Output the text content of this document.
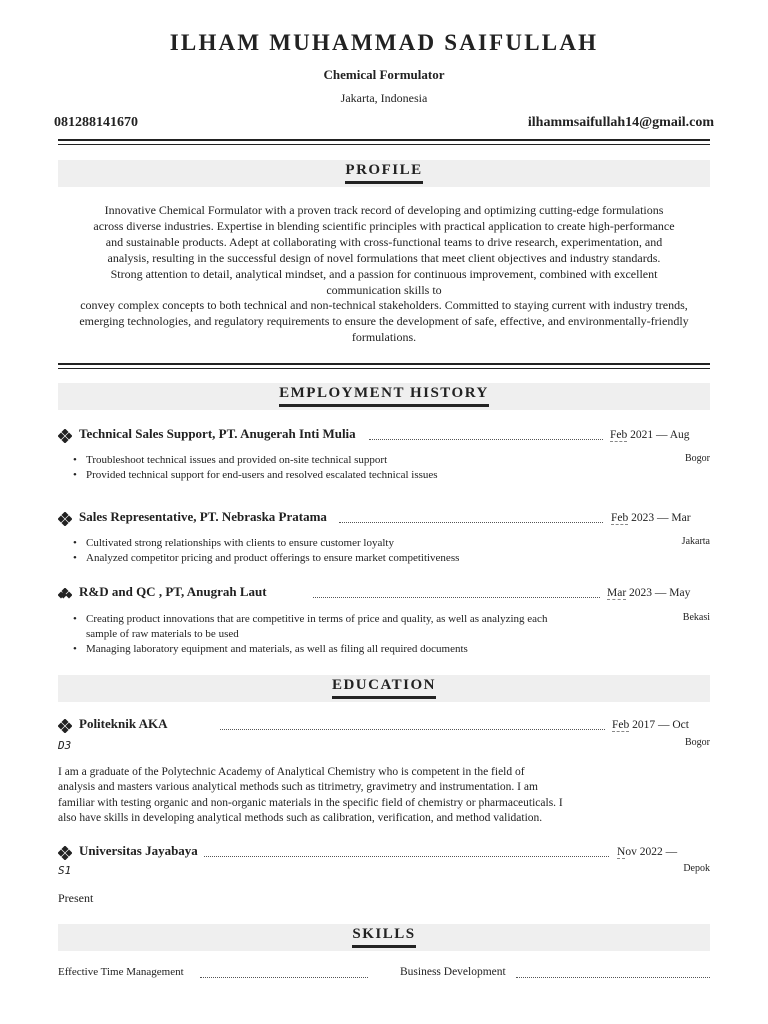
ILHAM MUHAMMAD SAIFULLAH
Chemical Formulator
Jakarta, Indonesia
081288141670	ilhammsaifullah14@gmail.com
PROFILE

Innovative Chemical Formulator with a proven track record of developing and optimizing cutting-edge formulations

across diverse industries. Expertise in blending scientific principles with practical application to create high-performance

and sustainable products. Adept at collaborating with cross-functional teams to drive research, experimentation, and

analysis, resulting in the successful design of novel formulations that meet client objectives and industry standards.

Strong attention to detail, analytical mindset, and a passion for continuous improvement, combined with excellent

communication skills to

convey complex concepts to both technical and non-technical stakeholders. Committed to staying current with industry trends,

emerging technologies, and regulatory requirements to ensure the development of safe, effective, and environmentally-friendly

formulations.

EMPLOYMENT HISTORY
Technical Sales Support, PT. Anugerah Inti Mulia	Feb 2021 — Aug
Bogor
• Troubleshoot technical issues and provided on-site technical support
• Provided technical support for end-users and resolved escalated technical issues
Sales Representative, PT. Nebraska Pratama	Feb 2023 — Mar
Jakarta
• Cultivated strong relationships with clients to ensure customer loyalty
• Analyzed competitor pricing and product offerings to ensure market competitiveness
R&D and QC , PT, Anugrah Laut	Mar 2023 — May
Bekasi
• Creating product innovations that are competitive in terms of price and quality, as well as analyzing each sample of raw materials to be used
• Managing laboratory equipment and materials, as well as filing all required documents
EDUCATION
Politeknik AKA	Feb 2017 — Oct
Bogor
D3
I am a graduate of the Polytechnic Academy of Analytical Chemistry who is competent in the field of
analysis and masters various analytical methods such as titrimetry, gravimetry and instrumentation. I am
familiar with testing organic and non-organic materials in the specific field of chemistry or pharmaceuticals. I
also have skills in developing analytical methods such as calibration, verification, and method validation.
Universitas Jayabaya	Nov 2022 —
Depok
S1
Present
SKILLS
Effective Time Management	Business Development
